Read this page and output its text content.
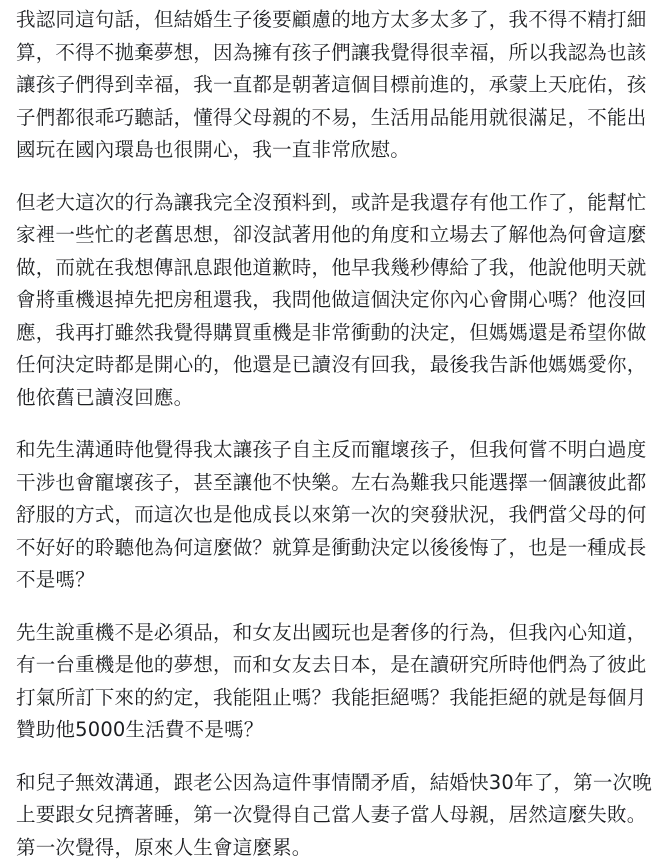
我認同這句話，但結婚生子後要顧慮的地方太多太多了，我不得不精打細算，不得不拋棄夢想，因為擁有孩子們讓我覺得很幸福，所以我認為也該讓孩子們得到幸福，我一直都是朝著這個目標前進的，承蒙上天庇佑，孩子們都很乖巧聽話，懂得父母親的不易，生活用品能用就很滿足，不能出國玩在國內環島也很開心，我一直非常欣慰。

但老大這次的行為讓我完全沒預料到，或許是我還存有他工作了，能幫忙家裡一些忙的老舊思想，卻沒試著用他的角度和立場去了解他為何會這麼做，而就在我想傳訊息跟他道歉時，他早我幾秒傳給了我，他說他明天就會將重機退掉先把房租還我，我問他做這個決定你內心會開心嗎？他沒回應，我再打雖然我覺得購買重機是非常衝動的決定，但媽媽還是希望你做任何決定時都是開心的，他還是已讀沒有回我，最後我告訴他媽媽愛你，他依舊已讀沒回應。

和先生溝通時他覺得我太讓孩子自主反而寵壞孩子，但我何嘗不明白過度干涉也會寵壞孩子，甚至讓他不快樂。左右為難我只能選擇一個讓彼此都舒服的方式，而這次也是他成長以來第一次的突發狀況，我們當父母的何不好好的聆聽他為何這麼做？就算是衝動決定以後後悔了，也是一種成長不是嗎？

先生說重機不是必須品，和女友出國玩也是奢侈的行為，但我內心知道，有一台重機是他的夢想，而和女友去日本，是在讀研究所時他們為了彼此打氣所訂下來的約定，我能阻止嗎？我能拒絕嗎？我能拒絕的就是每個月贊助他5000生活費不是嗎？

和兒子無效溝通，跟老公因為這件事情鬧矛盾，結婚快30年了，第一次晚上要跟女兒擠著睡，第一次覺得自己當人妻子當人母親，居然這麼失敗。第一次覺得，原來人生會這麼累。
